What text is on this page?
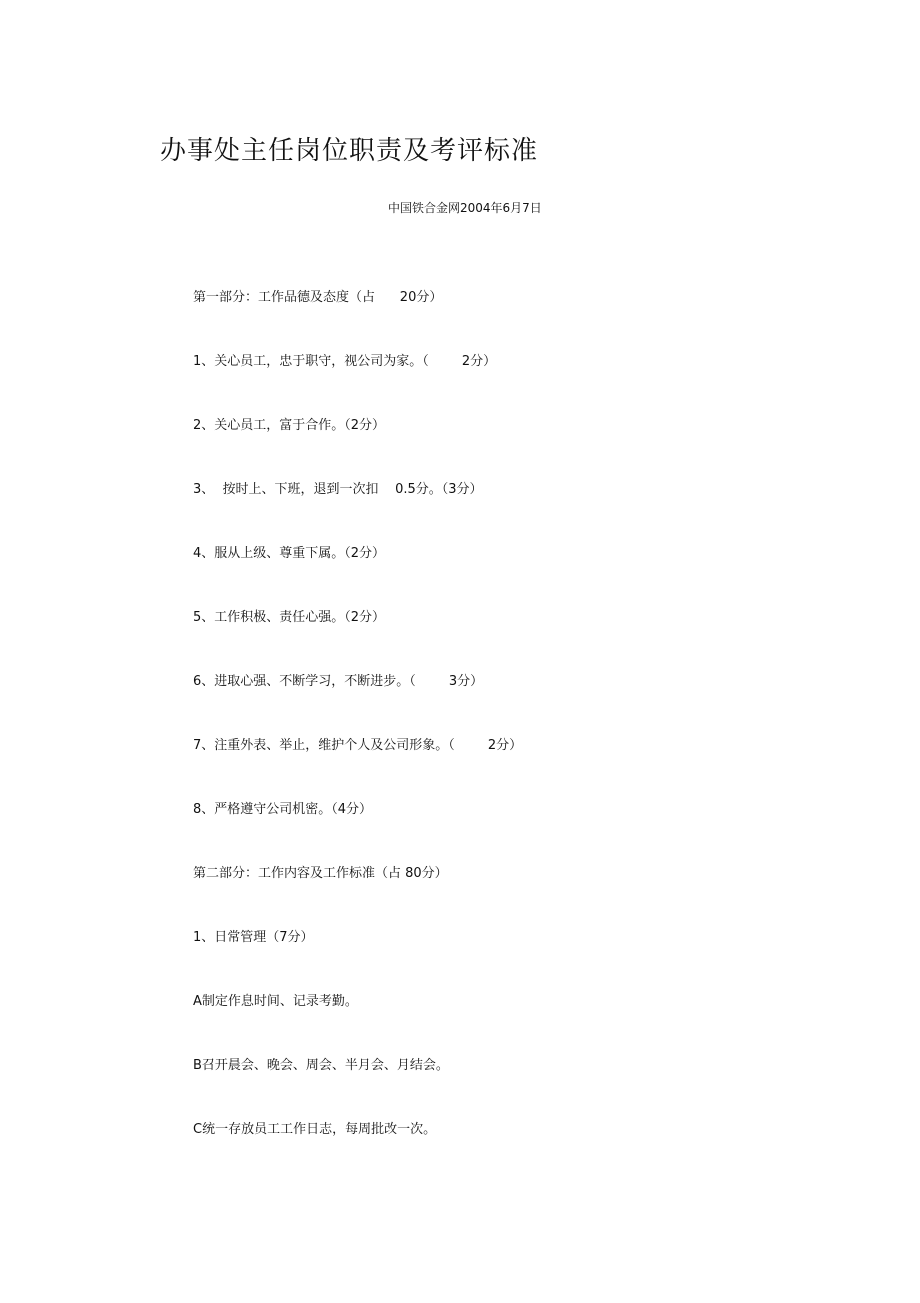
办事处主任岗位职责及考评标准
中国铁合金网2004年6月7日
第一部分：工作品德及态度（占      20分）
1、关心员工，忠于职守，视公司为家。（        2分）
2、关心员工，富于合作。（2分）
3、  按时上、下班，退到一次扣    0.5分。（3分）
4、服从上级、尊重下属。（2分）
5、工作积极、责任心强。（2分）
6、进取心强、不断学习，不断进步。（        3分）
7、注重外表、举止，维护个人及公司形象。（        2分）
8、严格遵守公司机密。（4分）
第二部分：工作内容及工作标准（占 80分）
1、日常管理（7分）
A制定作息时间、记录考勤。
B召开晨会、晚会、周会、半月会、月结会。
C统一存放员工工作日志，每周批改一次。
